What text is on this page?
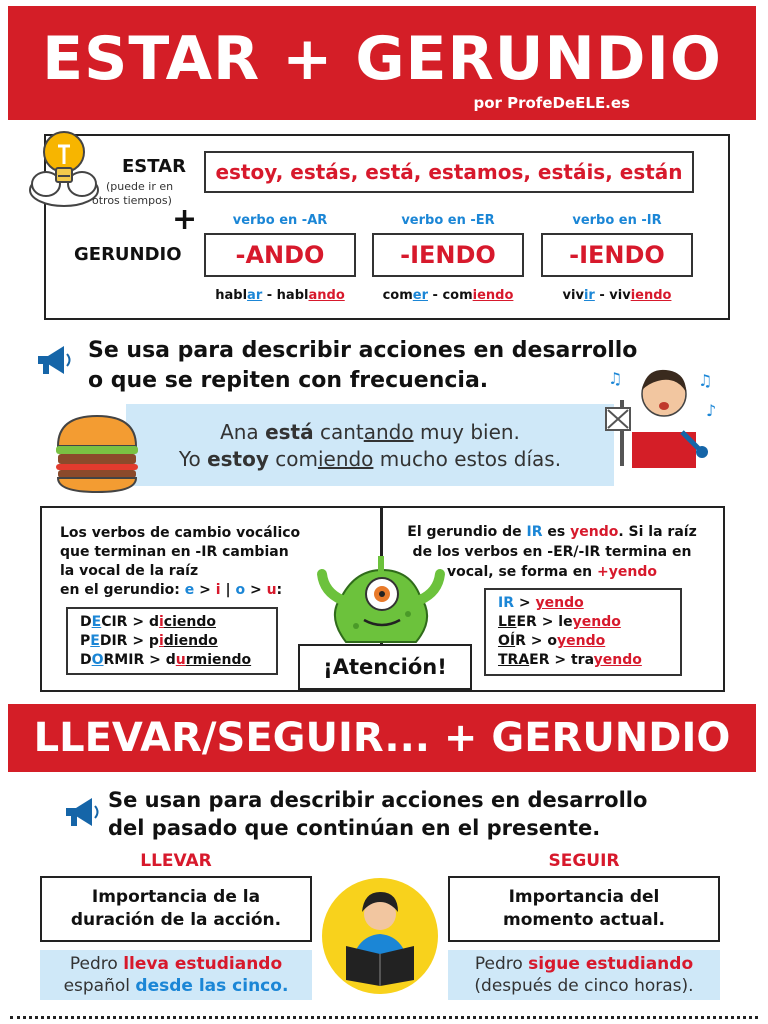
ESTAR + GERUNDIO
por ProfeDeELE.es
ESTAR
(puede ir en
otros tiempos)
estoy, estás, está, estamos, estáis, están
+
GERUNDIO
verbo en -AR
-ANDO
hablar - hablando
verbo en -ER
-IENDO
comer - comiendo
verbo en -IR
-IENDO
vivir - viviendo
Se usa para describir acciones en desarrollo
o que se repiten con frecuencia.
Ana está cantando muy bien.
Yo estoy comiendo mucho estos días.
♫	♫
♪
Los verbos de cambio vocálico
que terminan en -IR cambian
la vocal de la raíz
en el gerundio: e > i | o > u:
DECIR > diciendo
PEDIR > pidiendo
DORMIR > durmiendo	¡Atención!
El gerundio de IR es yendo. Si la raíz
de los verbos en -ER/-IR termina en
vocal, se forma en +yendo
IR > yendo
LEER > leyendo
OÍR > oyendo
TRAER > trayendo
LLEVAR/SEGUIR... + GERUNDIO
Se usan para describir acciones en desarrollo
del pasado que continúan en el presente.
LLEVAR	SEGUIR
Importancia de la
duración de la acción.
Importancia del
momento actual.
Pedro lleva estudiando
español desde las cinco.
Pedro sigue estudiando
(después de cinco horas).
